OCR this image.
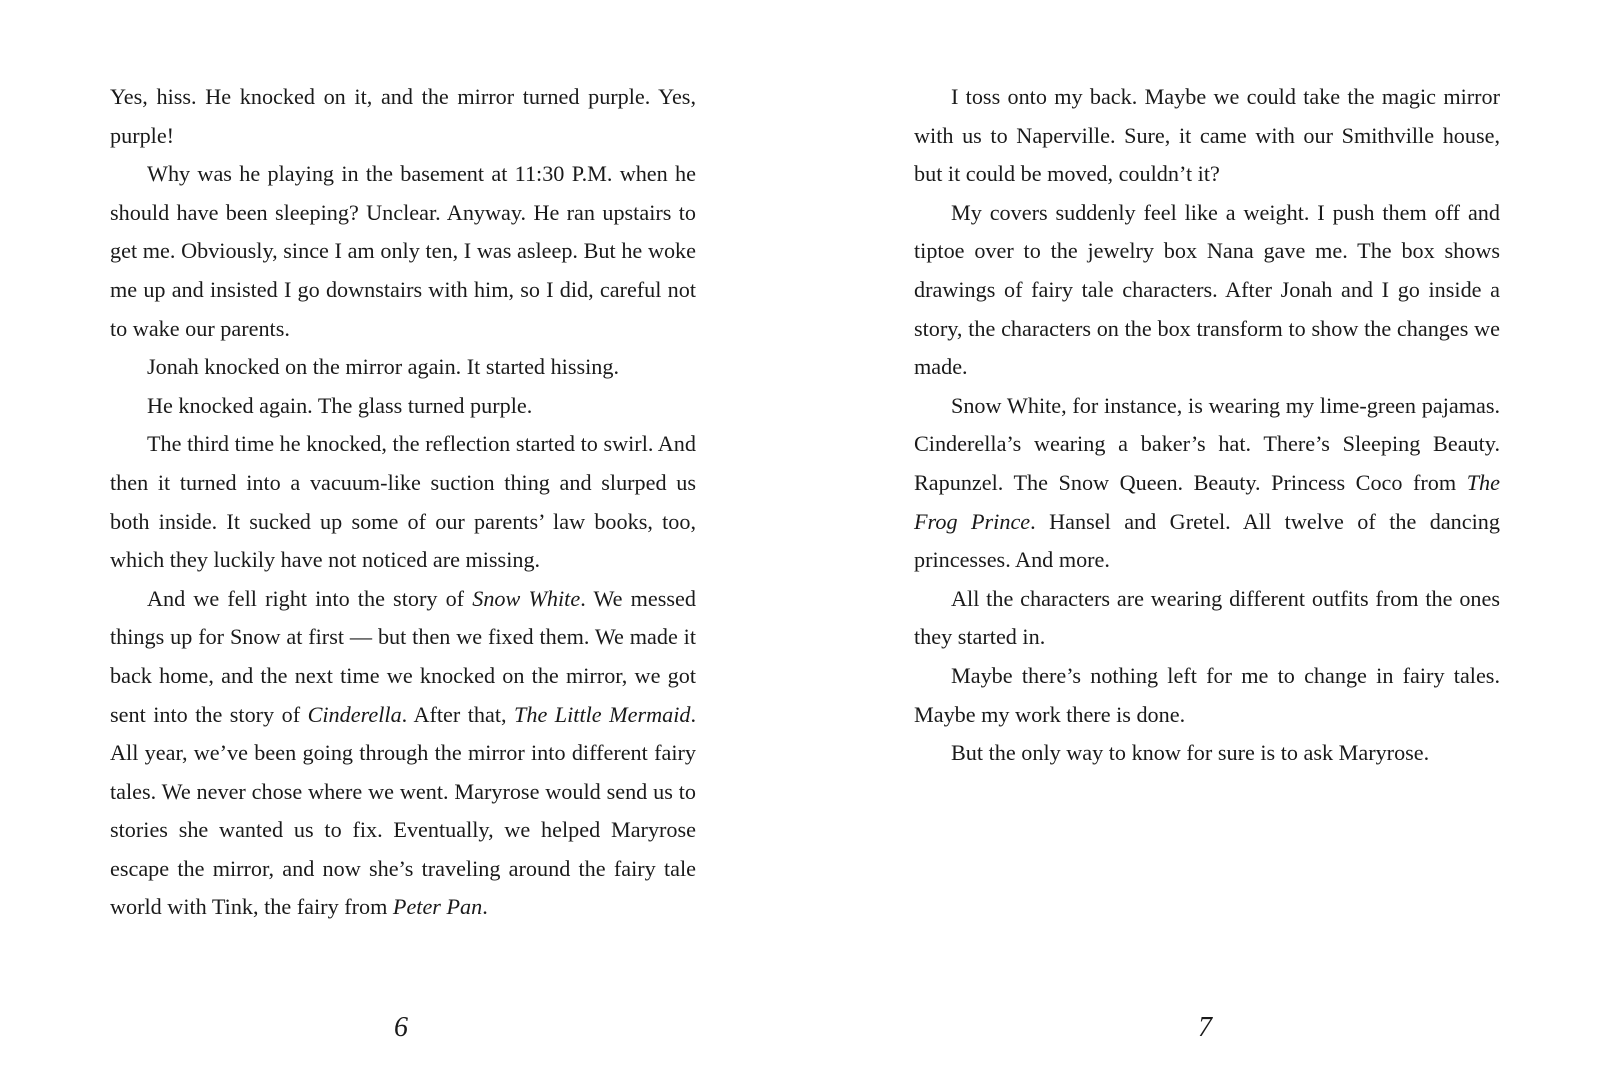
Yes, hiss. He knocked on it, and the mirror turned purple. Yes, purple!

Why was he playing in the basement at 11:30 P.M. when he should have been sleeping? Unclear. Anyway. He ran upstairs to get me. Obviously, since I am only ten, I was asleep. But he woke me up and insisted I go downstairs with him, so I did, careful not to wake our parents.

Jonah knocked on the mirror again. It started hissing.

He knocked again. The glass turned purple.

The third time he knocked, the reflection started to swirl. And then it turned into a vacuum-like suction thing and slurped us both inside. It sucked up some of our parents’ law books, too, which they luckily have not noticed are missing.

And we fell right into the story of Snow White. We messed things up for Snow at first — but then we fixed them. We made it back home, and the next time we knocked on the mirror, we got sent into the story of Cinderella. After that, The Little Mermaid. All year, we’ve been going through the mirror into different fairy tales. We never chose where we went. Maryrose would send us to stories she wanted us to fix. Eventually, we helped Maryrose escape the mirror, and now she’s traveling around the fairy tale world with Tink, the fairy from Peter Pan.

6

I toss onto my back. Maybe we could take the magic mirror with us to Naperville. Sure, it came with our Smithville house, but it could be moved, couldn’t it?

My covers suddenly feel like a weight. I push them off and tiptoe over to the jewelry box Nana gave me. The box shows drawings of fairy tale characters. After Jonah and I go inside a story, the characters on the box transform to show the changes we made.

Snow White, for instance, is wearing my lime-green pajamas. Cinderella’s wearing a baker’s hat. There’s Sleeping Beauty. Rapunzel. The Snow Queen. Beauty. Princess Coco from The Frog Prince. Hansel and Gretel. All twelve of the dancing princesses. And more.

All the characters are wearing different outfits from the ones they started in.

Maybe there’s nothing left for me to change in fairy tales. Maybe my work there is done.

But the only way to know for sure is to ask Maryrose.

7
